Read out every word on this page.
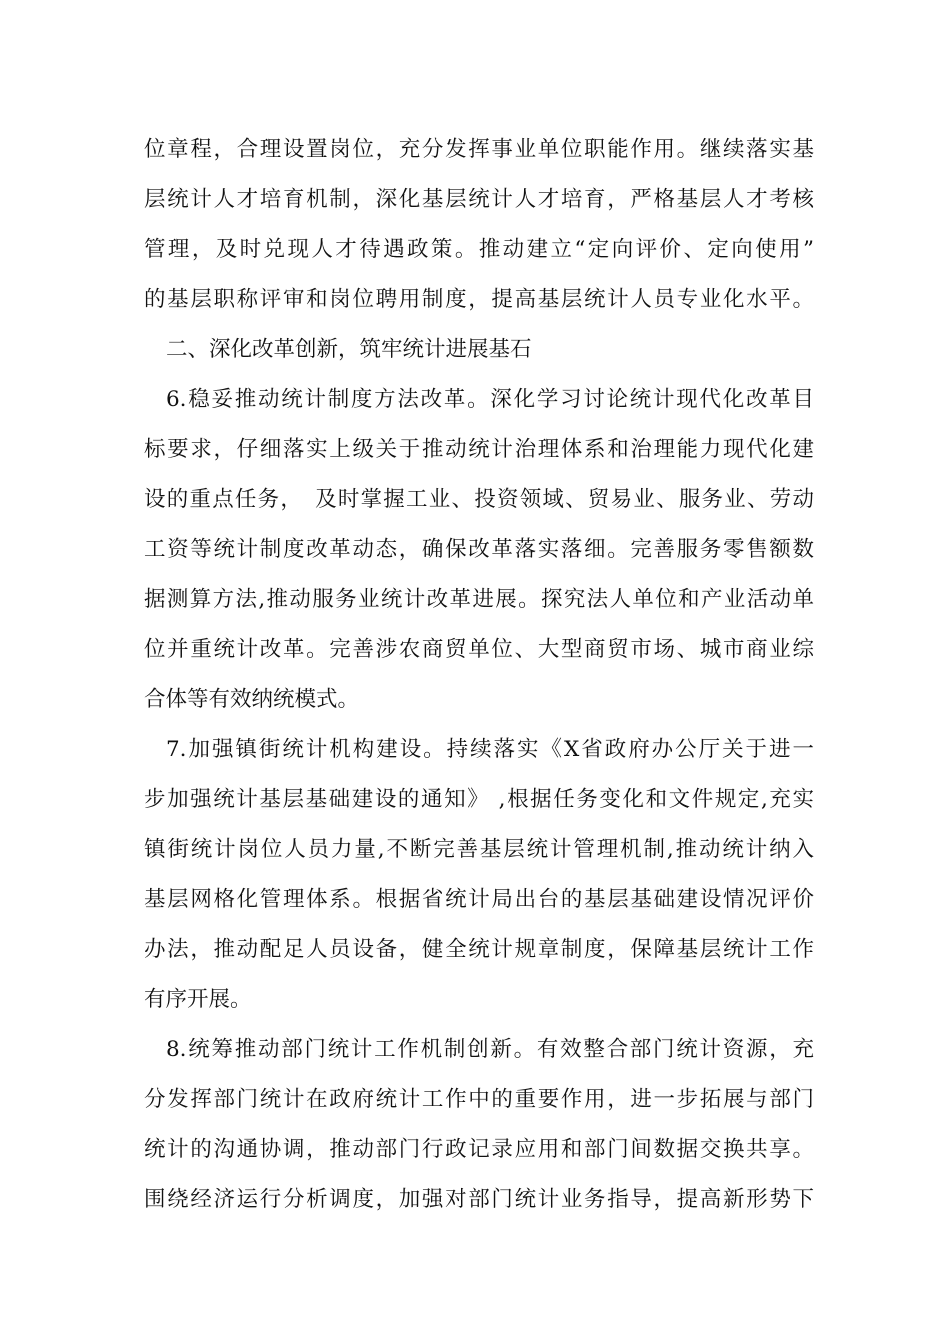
位章程，合理设置岗位，充分发挥事业单位职能作用。继续落实基
层统计人才培育机制，深化基层统计人才培育，严格基层人才考核
管理，及时兑现人才待遇政策。推动建立“定向评价、定向使用”
的基层职称评审和岗位聘用制度，提高基层统计人员专业化水平。
二、深化改革创新，筑牢统计进展基石
6.稳妥推动统计制度方法改革。深化学习讨论统计现代化改革目
标要求，仔细落实上级关于推动统计治理体系和治理能力现代化建
设的重点任务，　及时掌握工业、投资领域、贸易业、服务业、劳动
工资等统计制度改革动态，确保改革落实落细。完善服务零售额数
据测算方法,推动服务业统计改革进展。探究法人单位和产业活动单
位并重统计改革。完善涉农商贸单位、大型商贸市场、城市商业综
合体等有效纳统模式。
7.加强镇街统计机构建设。持续落实《X省政府办公厅关于进一
步加强统计基层基础建设的通知》 ,根据任务变化和文件规定,充实
镇街统计岗位人员力量,不断完善基层统计管理机制,推动统计纳入
基层网格化管理体系。根据省统计局出台的基层基础建设情况评价
办法，推动配足人员设备，健全统计规章制度，保障基层统计工作
有序开展。
8.统筹推动部门统计工作机制创新。有效整合部门统计资源，充
分发挥部门统计在政府统计工作中的重要作用，进一步拓展与部门
统计的沟通协调，推动部门行政记录应用和部门间数据交换共享。
围绕经济运行分析调度，加强对部门统计业务指导，提高新形势下
